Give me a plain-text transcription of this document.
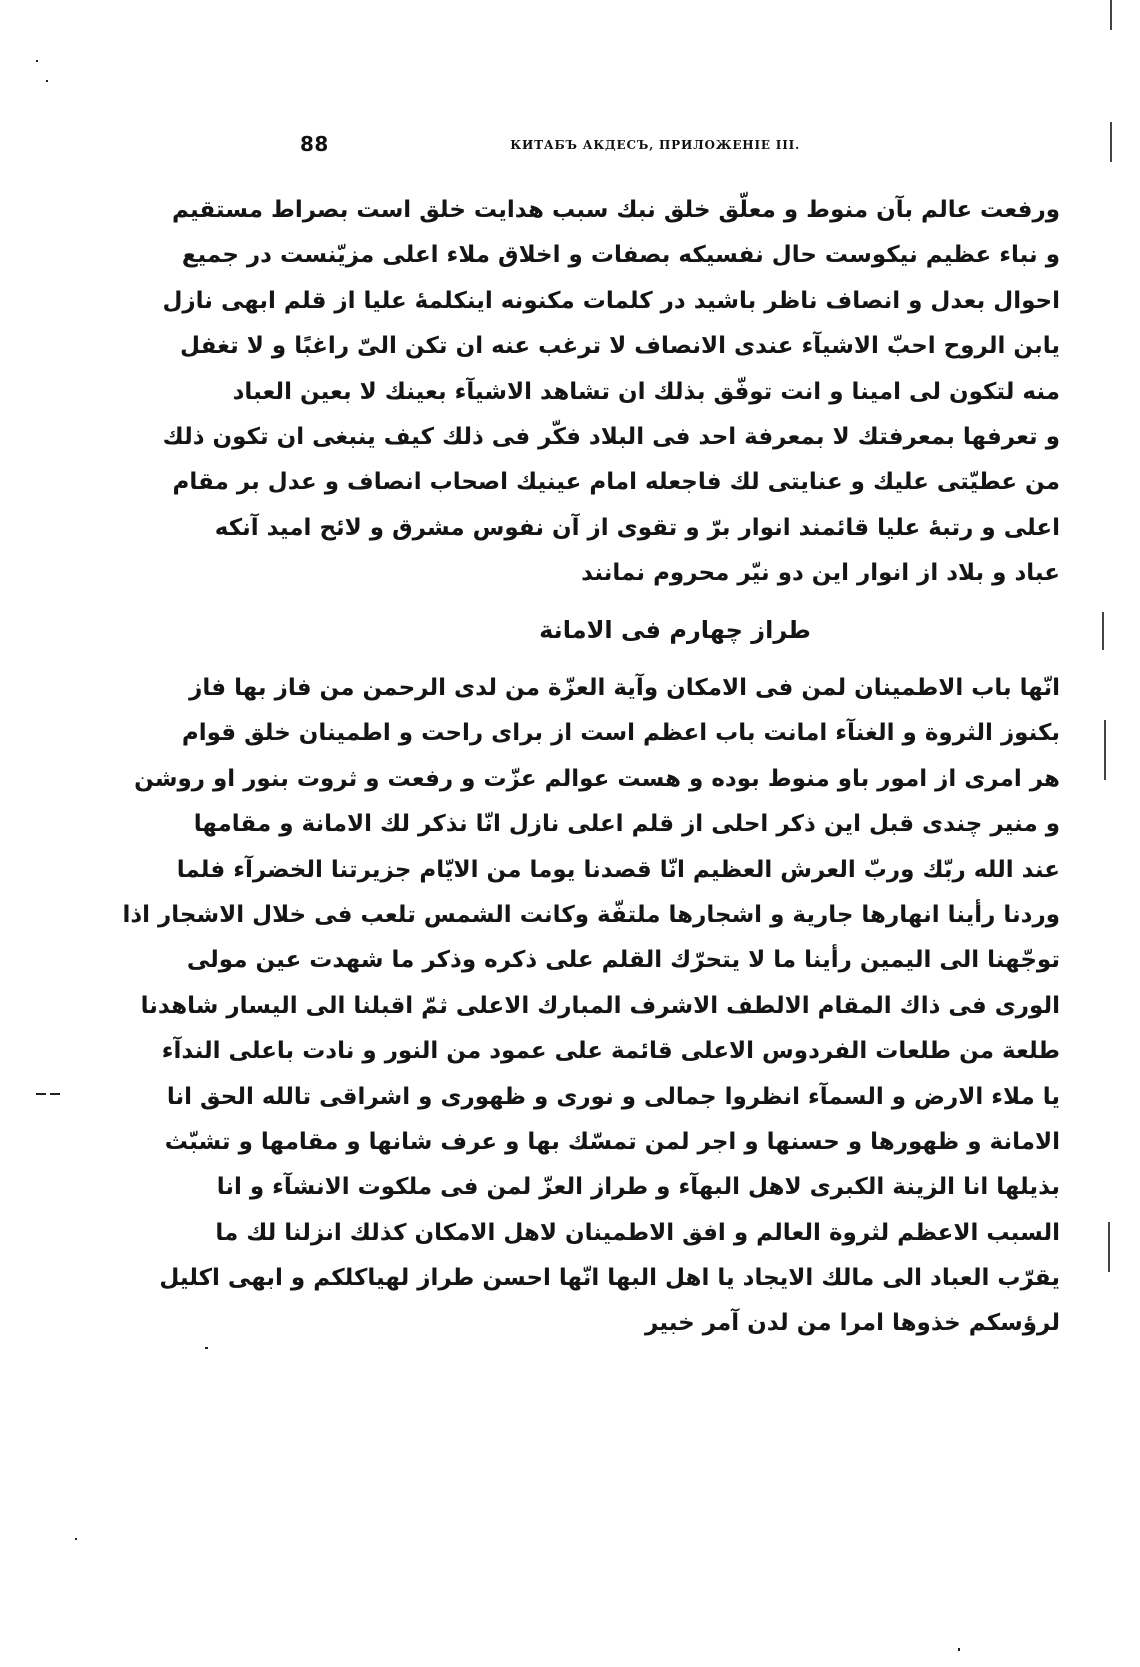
88	КИТАБЪ АКДЕСЪ, ПРИЛОЖЕНІЕ III.
ورفعت عالم بآن منوط و معلّق خلق نبك سبب هدایت خلق است بصراط مستقیم
و نباء عظیم نیکوست حال نفسیکه بصفات و اخلاق ملاء اعلی مزیّنست در جمیع
احوال بعدل و انصاف ناظر باشید در کلمات مکنونه اینکلمهٔ علیا از قلم ابهی نازل
یابن الروح احبّ الاشیآء عندی الانصاف لا ترغب عنه ان تکن الیّ راغبًا و لا تغفل
منه لتکون لی امینا و انت توفّق بذلك ان تشاهد الاشیآء بعینك لا بعین العباد
و تعرفها بمعرفتك لا بمعرفة احد فی البلاد فکّر فی ذلك کیف ینبغی ان تکون ذلك
من عطیّتی علیك و عنایتی لك فاجعله امام عینیك اصحاب انصاف و عدل بر مقام
اعلی و رتبهٔ علیا قائمند انوار برّ و تقوی از آن نفوس مشرق و لائح امید آنکه
عباد و بلاد از انوار این دو نیّر محروم نمانند
طراز چهارم فی الامانة
انّها باب الاطمینان لمن فی الامکان وآیة العزّة من لدی الرحمن من فاز بها فاز
بکنوز الثروة و الغنآء امانت باب اعظم است از برای راحت و اطمینان خلق قوام
هر امری از امور باو منوط بوده و هست عوالم عزّت و رفعت و ثروت بنور او روشن
و منیر چندی قبل این ذکر احلی از قلم اعلی نازل انّا نذکر لك الامانة و مقامها
عند الله ربّك وربّ العرش العظیم انّا قصدنا یوما من الایّام جزیرتنا الخضرآء فلما
وردنا رأینا انهارها جاریة و اشجارها ملتفّة وکانت الشمس تلعب فی خلال الاشجار اذا
توجّهنا الی الیمین رأینا ما لا یتحرّك القلم علی ذکره وذکر ما شهدت عین مولی
الوری فی ذاك المقام الالطف الاشرف المبارك الاعلی ثمّ اقبلنا الی الیسار شاهدنا
طلعة من طلعات الفردوس الاعلی قائمة علی عمود من النور و نادت باعلی الندآء
یا ملاء الارض و السمآء انظروا جمالی و نوری و ظهوری و اشراقی تالله الحق انا
الامانة و ظهورها و حسنها و اجر لمن تمسّك بها و عرف شانها و مقامها و تشبّث
بذیلها انا الزینة الکبری لاهل البهآء و طراز العزّ لمن فی ملکوت الانشآء و انا
السبب الاعظم لثروة العالم و افق الاطمینان لاهل الامکان کذلك انزلنا لك ما
یقرّب العباد الی مالك الایجاد یا اهل البها انّها احسن طراز لهیاکلکم و ابهی اکلیل
لرؤسکم خذوها امرا من لدن آمر خبیر
